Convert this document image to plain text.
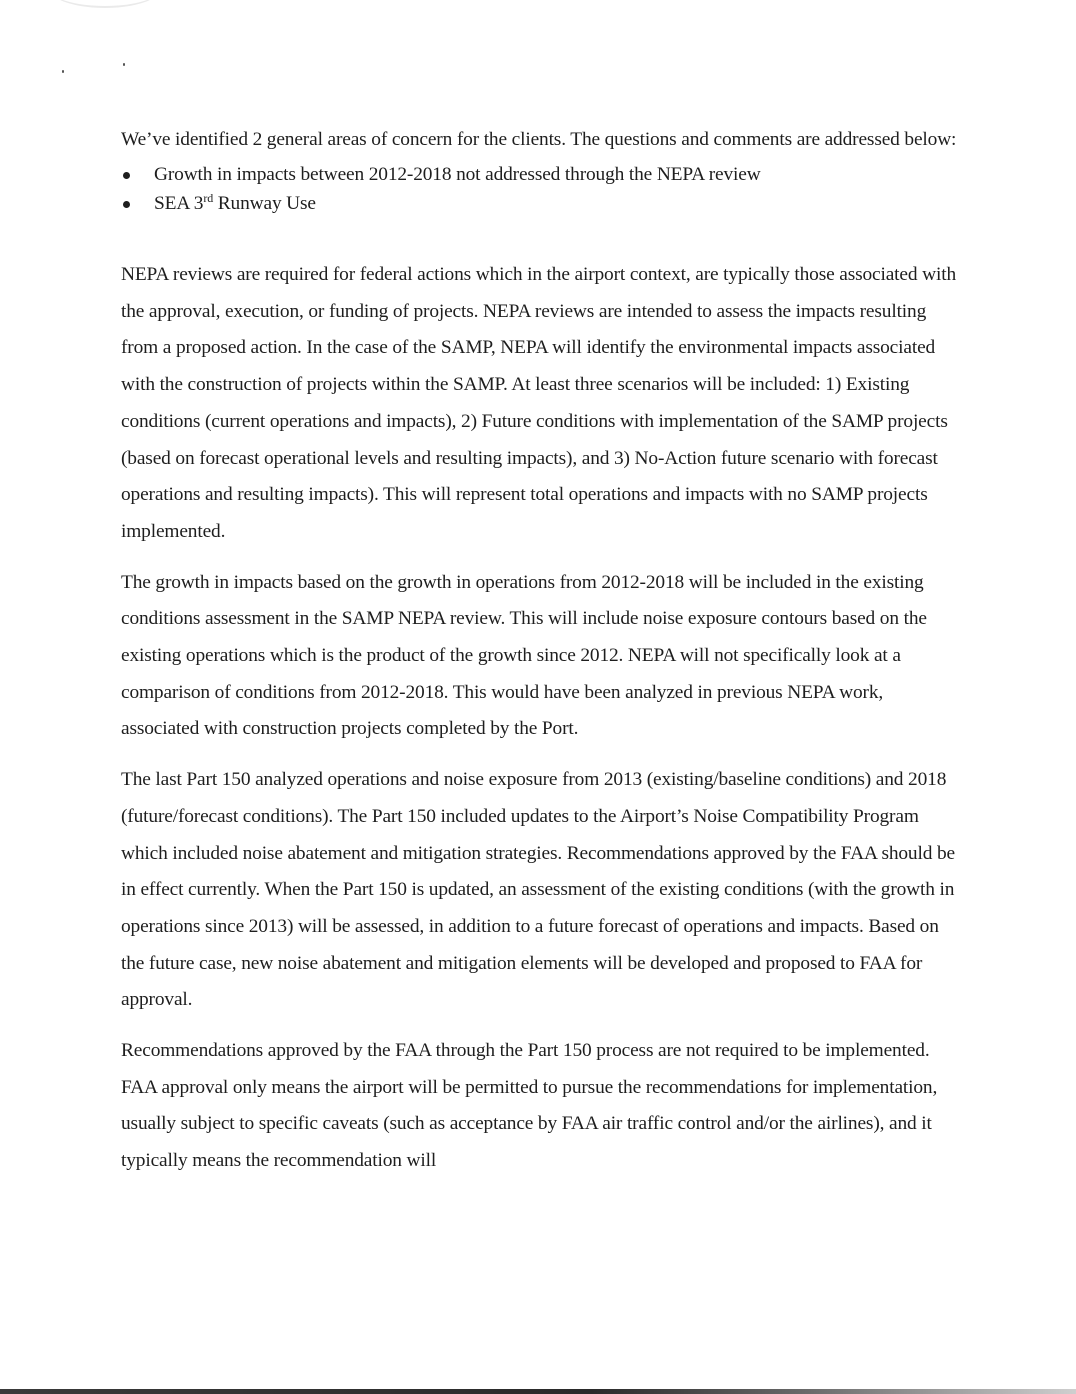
We’ve identified 2 general areas of concern for the clients. The questions and comments are addressed below:

Growth in impacts between 2012-2018 not addressed through the NEPA review
SEA 3rd Runway Use

NEPA reviews are required for federal actions which in the airport context, are typically those associated with the approval, execution, or funding of projects. NEPA reviews are intended to assess the impacts resulting from a proposed action. In the case of the SAMP, NEPA will identify the environmental impacts associated with the construction of projects within the SAMP. At least three scenarios will be included: 1) Existing conditions (current operations and impacts), 2) Future conditions with implementation of the SAMP projects (based on forecast operational levels and resulting impacts), and 3) No-Action future scenario with forecast operations and resulting impacts). This will represent total operations and impacts with no SAMP projects implemented.

The growth in impacts based on the growth in operations from 2012-2018 will be included in the existing conditions assessment in the SAMP NEPA review. This will include noise exposure contours based on the existing operations which is the product of the growth since 2012. NEPA will not specifically look at a comparison of conditions from 2012-2018. This would have been analyzed in previous NEPA work, associated with construction projects completed by the Port.

The last Part 150 analyzed operations and noise exposure from 2013 (existing/baseline conditions) and 2018 (future/forecast conditions). The Part 150 included updates to the Airport’s Noise Compatibility Program which included noise abatement and mitigation strategies. Recommendations approved by the FAA should be in effect currently. When the Part 150 is updated, an assessment of the existing conditions (with the growth in operations since 2013) will be assessed, in addition to a future forecast of operations and impacts. Based on the future case, new noise abatement and mitigation elements will be developed and proposed to FAA for approval.

Recommendations approved by the FAA through the Part 150 process are not required to be implemented. FAA approval only means the airport will be permitted to pursue the recommendations for implementation, usually subject to specific caveats (such as acceptance by FAA air traffic control and/or the airlines), and it typically means the recommendation will
